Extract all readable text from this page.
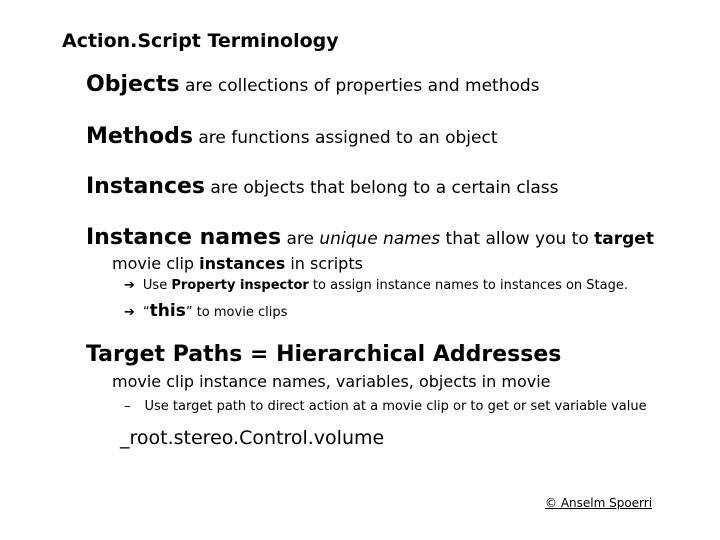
Action.Script Terminology
Objects are collections of properties and methods
Methods are functions assigned to an object
Instances are objects that belong to a certain class
Instance names are unique names that allow you to target
movie clip instances in scripts
➔ Use Property inspector to assign instance names to instances on Stage.
➔ “this” to movie clips
Target Paths = Hierarchical Addresses
movie clip instance names, variables, objects in movie
– Use target path to direct action at a movie clip or to get or set variable value
_root.stereo.Control.volume
© Anselm Spoerri
